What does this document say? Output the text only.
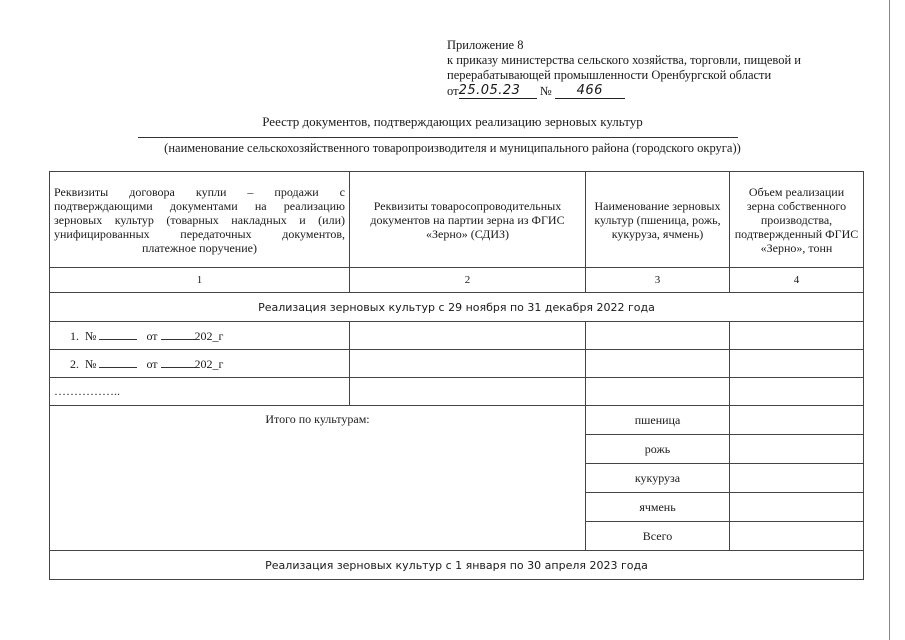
Приложение 8
к приказу министерства сельского хозяйства, торговли, пищевой и
перерабатывающей промышленности Оренбургской области
от25.05.23 № 466
Реестр документов, подтверждающих реализацию зерновых культур
(наименование сельскохозяйственного товаропроизводителя и муниципального района (городского округа))
Реквизиты договора купли – продажи с подтверждающими документами на реализацию зерновых культур (товарных накладных и (или) унифицированных передаточных документов, платежное поручение)	Реквизиты товаросопроводительных документов на партии зерна из ФГИС «Зерно» (СДИЗ)	Наименование зерновых культур (пшеница, рожь, кукуруза, ячмень)	Объем реализации зерна собственного производства, подтвержденный ФГИС «Зерно», тонн
1	2	3	4
Реализация зерновых культур с 29 ноября по 31 декабря 2022 года			
1. № от 202_г			
2. № от 202_г			
……………..			
Итого по культурам:		пшеница	
		рожь	
		кукуруза	
		ячмень	
		Всего	
Реализация зерновых культур с 1 января по 30 апреля 2023 года			
